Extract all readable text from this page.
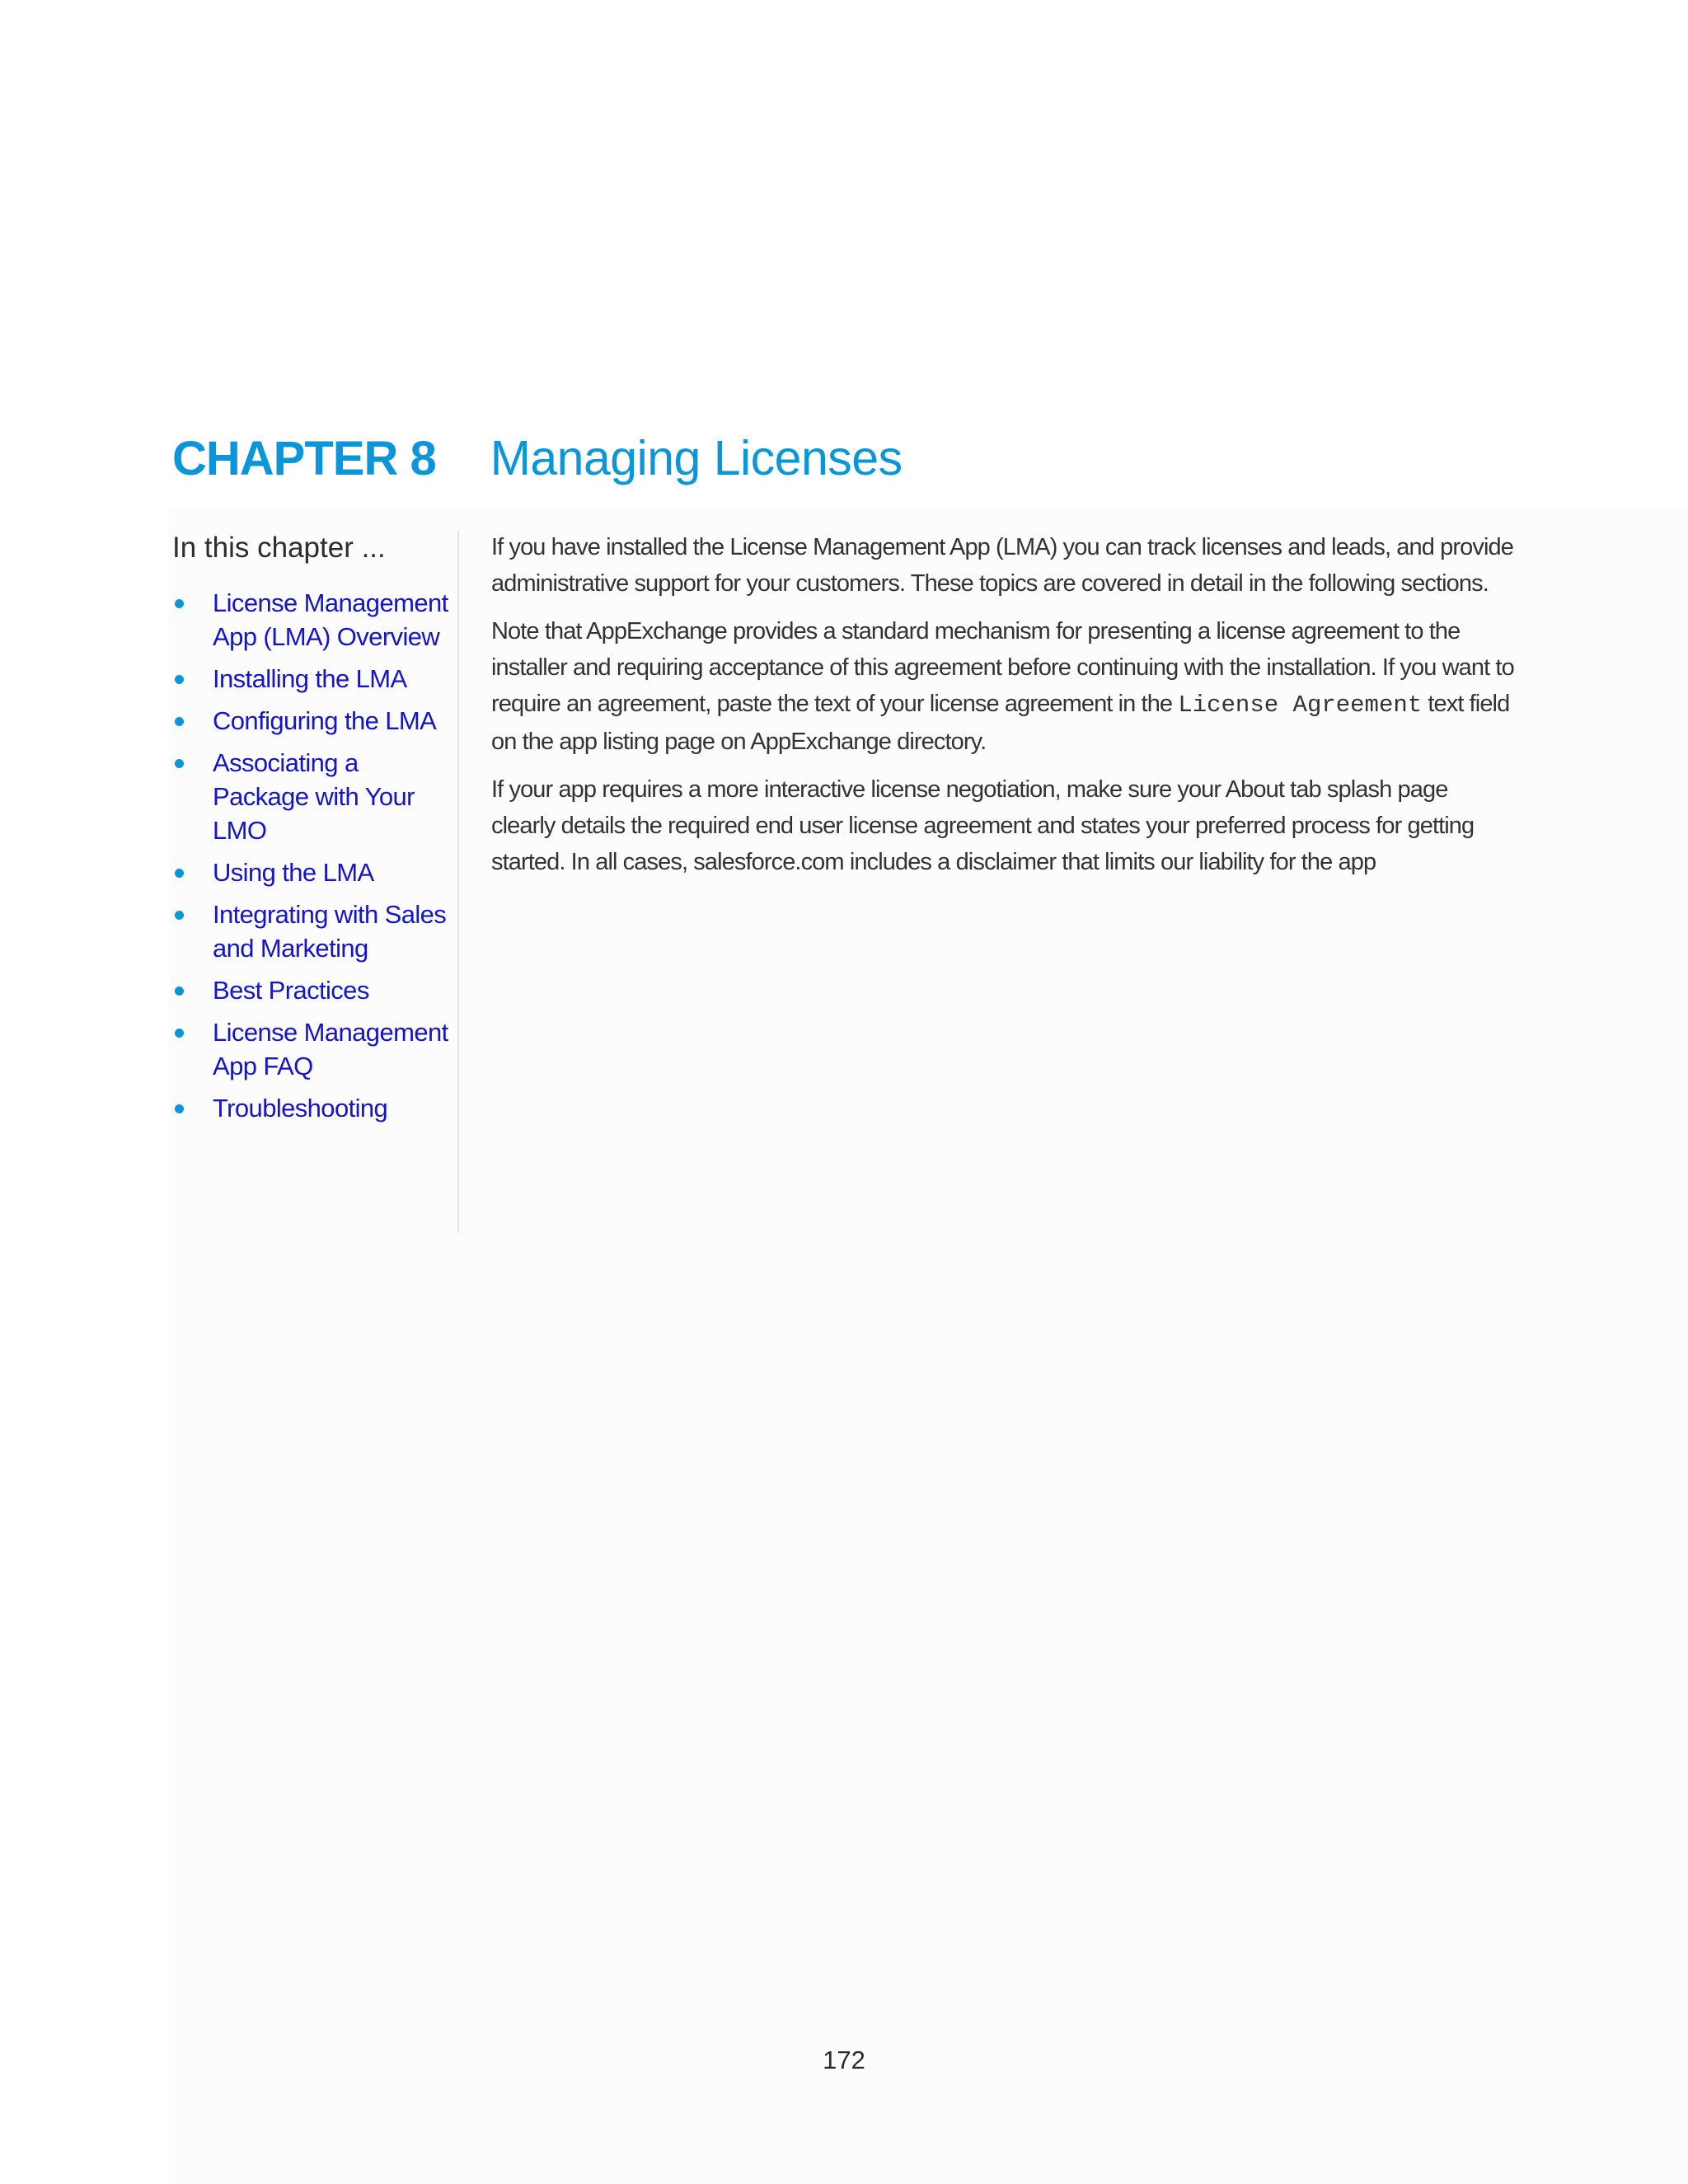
CHAPTER 8 Managing Licenses
In this chapter ...
License Management App (LMA) Overview
Installing the LMA
Configuring the LMA
Associating a Package with Your LMO
Using the LMA
Integrating with Sales and Marketing
Best Practices
License Management App FAQ
Troubleshooting

If you have installed the License Management App (LMA) you can track licenses and leads, and provide administrative support for your customers. These topics are covered in detail in the following sections.

Note that AppExchange provides a standard mechanism for presenting a license agreement to the installer and requiring acceptance of this agreement before continuing with the installation. If you want to require an agreement, paste the text of your license agreement in the License Agreement text field on the app listing page on AppExchange directory.

If your app requires a more interactive license negotiation, make sure your About tab splash page clearly details the required end user license agreement and states your preferred process for getting started. In all cases, salesforce.com includes a disclaimer that limits our liability for the app

172
